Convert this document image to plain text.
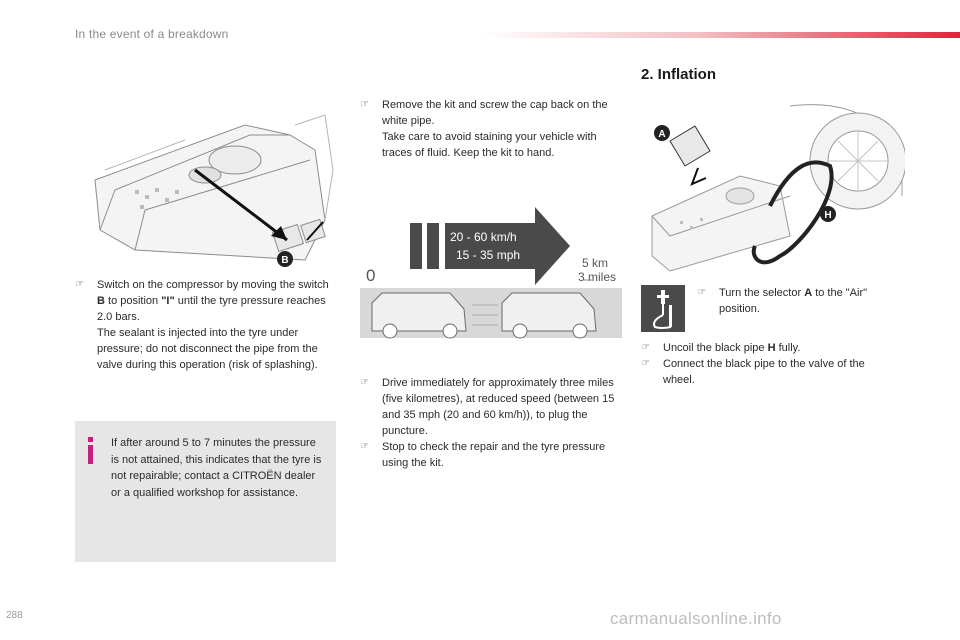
In the event of a breakdown
2. Inflation
B
☞ Switch on the compressor by moving the switch B to position "I" until the tyre pressure reaches 2.0 bars.
The sealant is injected into the tyre under pressure; do not disconnect the pipe from the valve during this operation (risk of splashing).
If after around 5 to 7 minutes the pressure is not attained, this indicates that the tyre is not repairable; contact a CITROËN dealer or a qualified workshop for assistance.
☞ Remove the kit and screw the cap back on the white pipe.
Take care to avoid staining your vehicle with traces of fluid. Keep the kit to hand.
20 - 60 km/h
15 - 35 mph
0
5 km
3 miles
☞ Drive immediately for approximately three miles (five kilometres), at reduced speed (between 15 and 35 mph (20 and 60 km/h)), to plug the puncture.
☞ Stop to check the repair and the tyre pressure using the kit.
A
H
☞ Turn the selector A to the "Air" position.
☞ Uncoil the black pipe H fully.
☞ Connect the black pipe to the valve of the wheel.
288	carmanualsonline.info
